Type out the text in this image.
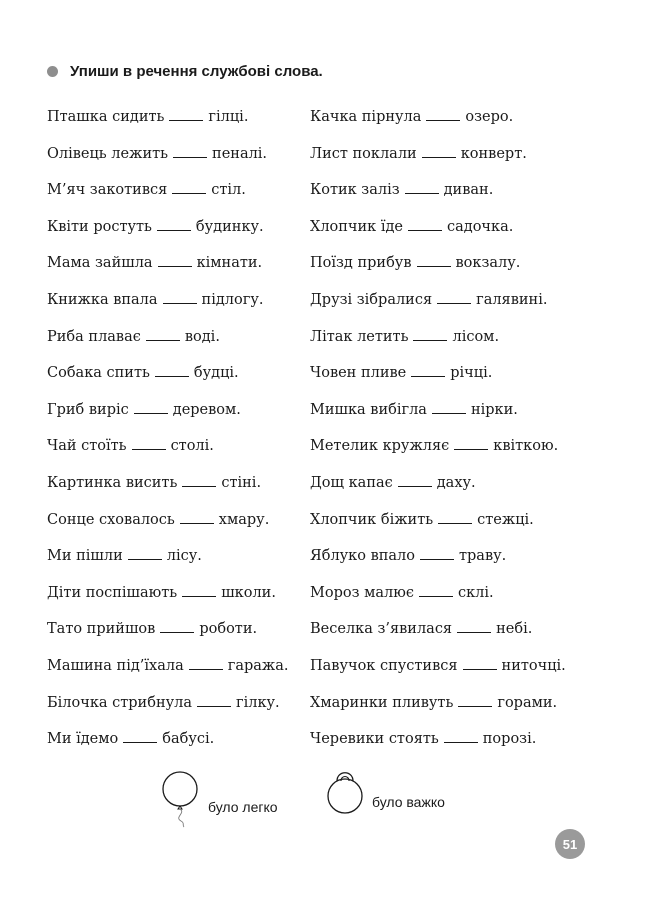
Упиши в речення службові слова.
Пташка сидить	гілці.
Олівець лежить	пеналі.
М’яч закотився	стіл.
Квіти ростуть	будинку.
Мама зайшла	кімнати.
Книжка впала	підлогу.
Риба плаває	воді.
Собака спить	будці.
Гриб виріс	деревом.
Чай стоїть	столі.
Картинка висить	стіні.
Сонце сховалось	хмару.
Ми пішли	лісу.
Діти поспішають	школи.
Тато прийшов	роботи.
Машина під’їхала	гаража.
Білочка стрибнула	гілку.
Ми їдемо	бабусі.
Качка пірнула	озеро.
Лист поклали	конверт.
Котик заліз	диван.
Хлопчик їде	садочка.
Поїзд прибув	вокзалу.
Друзі зібралися	галявині.
Літак летить	лісом.
Човен пливе	річці.
Мишка вибігла	нірки.
Метелик кружляє	квіткою.
Дощ капає	даху.
Хлопчик біжить	стежці.
Яблуко впало	траву.
Мороз малює	склі.
Веселка з’явилася	небі.
Павучок спустився	ниточці.
Хмаринки пливуть	горами.
Черевики стоять	порозі.
було легко	було важко
51
